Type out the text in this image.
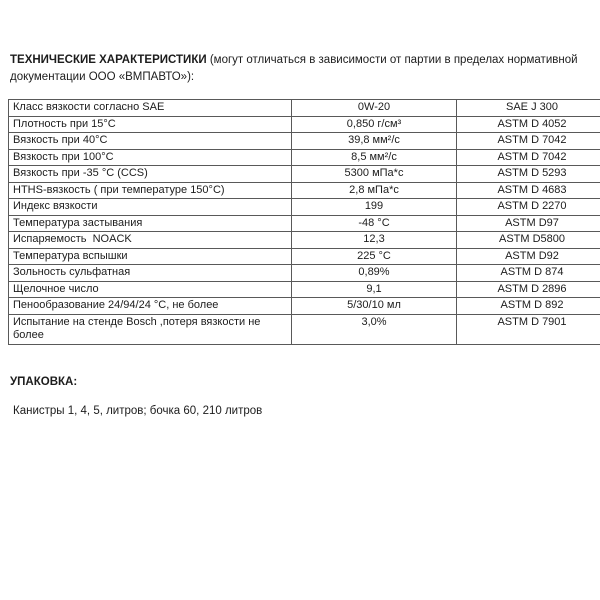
ТЕХНИЧЕСКИЕ ХАРАКТЕРИСТИКИ (могут отличаться в зависимости от партии в пределах нормативной документации ООО «ВМПАВТО»):

Класс вязкости согласно SAE	0W-20	SAE J 300
Плотность при 15°С	0,850 г/см³	ASTM D 4052
Вязкость при 40°С	39,8 мм²/с	ASTM D 7042
Вязкость при 100°С	8,5 мм²/с	ASTM D 7042
Вязкость при -35 °С (CCS)	5300 мПа*с	ASTM D 5293
HTHS-вязкость ( при температуре 150°С)	2,8 мПа*с	ASTM D 4683
Индекс вязкости	199	ASTM D 2270
Температура застывания	-48 °С	ASTM D97
Испаряемость  NOACK	12,3	ASTM D5800
Температура вспышки	225 °С	ASTM D92
Зольность сульфатная	0,89%	ASTM D 874
Щелочное число	9,1	ASTM D 2896
Пенообразование 24/94/24 °С, не более	5/30/10 мл	ASTM D 892
Испытание на стенде Bosch ,потеря вязкости не более	3,0%	ASTM D 7901

УПАКОВКА:

Канистры 1, 4, 5, литров; бочка 60, 210 литров
